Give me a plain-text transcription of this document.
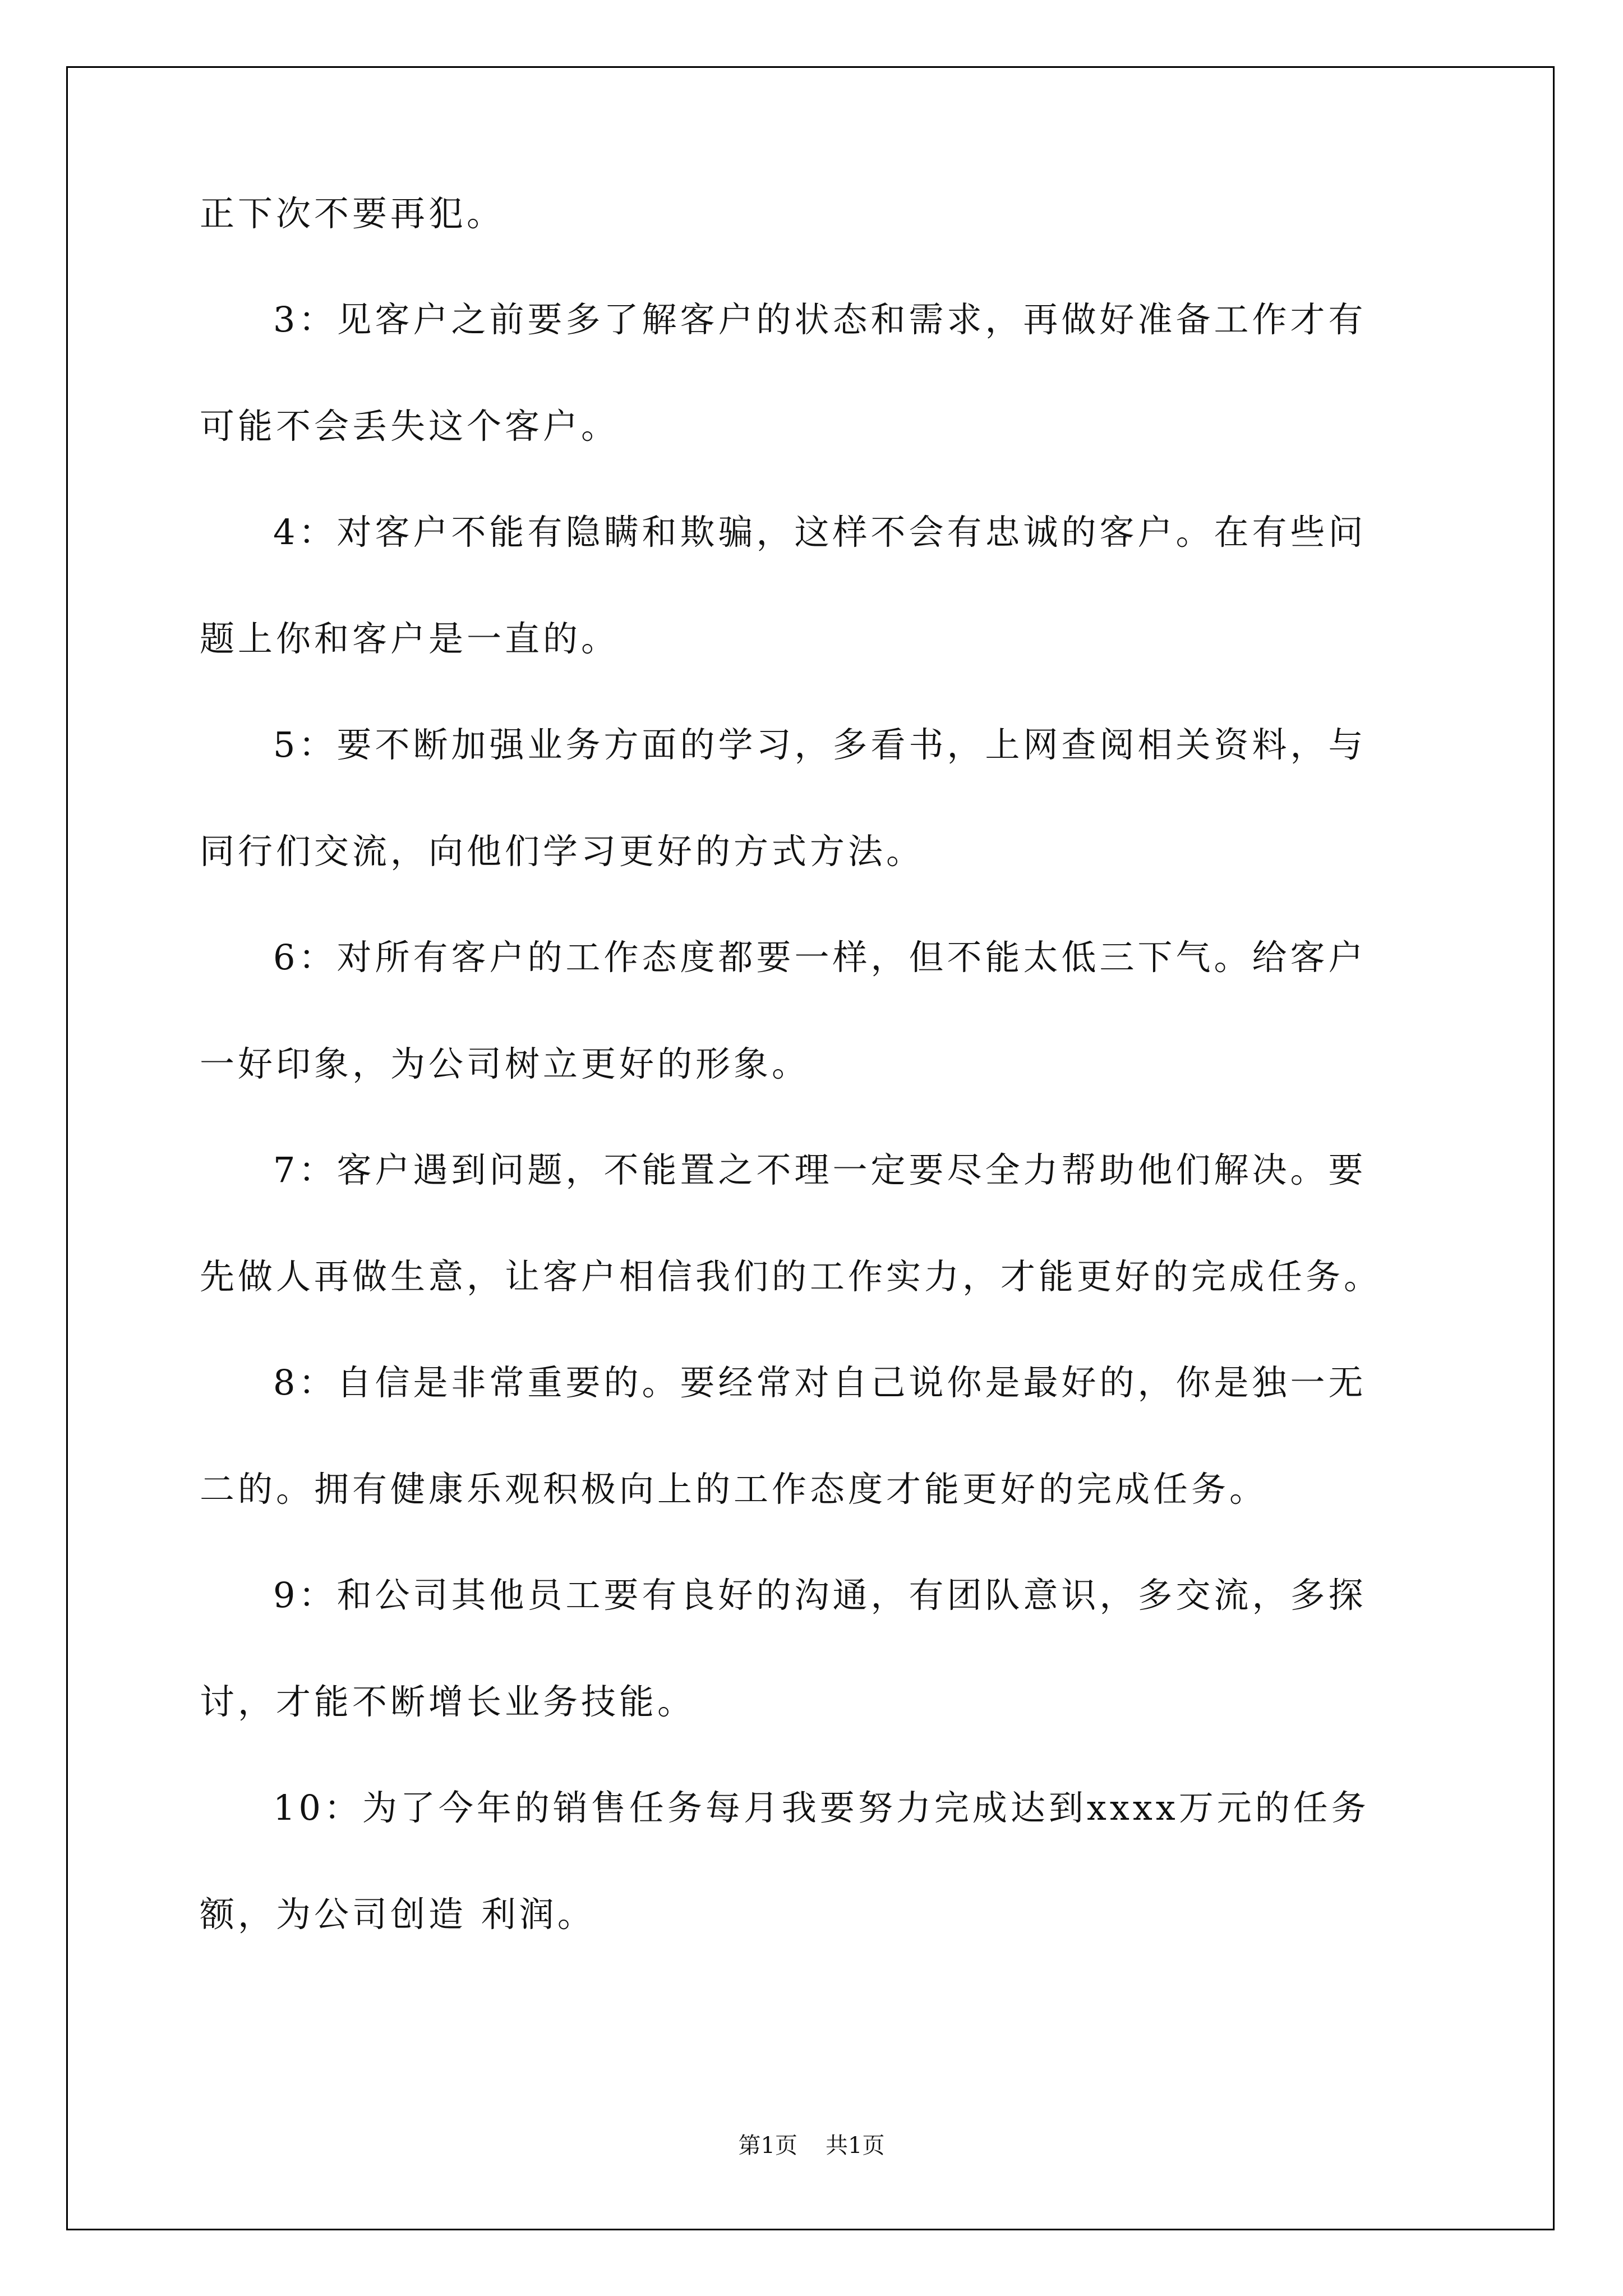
正下次不要再犯。

3：见客户之前要多了解客户的状态和需求，再做好准备工作才有

可能不会丢失这个客户。

4：对客户不能有隐瞒和欺骗，这样不会有忠诚的客户。在有些问

题上你和客户是一直的。

5：要不断加强业务方面的学习，多看书，上网查阅相关资料，与

同行们交流，向他们学习更好的方式方法。

6：对所有客户的工作态度都要一样，但不能太低三下气。给客户

一好印象，为公司树立更好的形象。

7：客户遇到问题，不能置之不理一定要尽全力帮助他们解决。要

先做人再做生意，让客户相信我们的工作实力，才能更好的完成任务。

8：自信是非常重要的。要经常对自己说你是最好的，你是独一无

二的。拥有健康乐观积极向上的工作态度才能更好的完成任务。

9：和公司其他员工要有良好的沟通，有团队意识，多交流，多探

讨，才能不断增长业务技能。

10：为了今年的销售任务每月我要努力完成达到xxxx万元的任务

额，为公司创造 利润。

第1页 共1页
